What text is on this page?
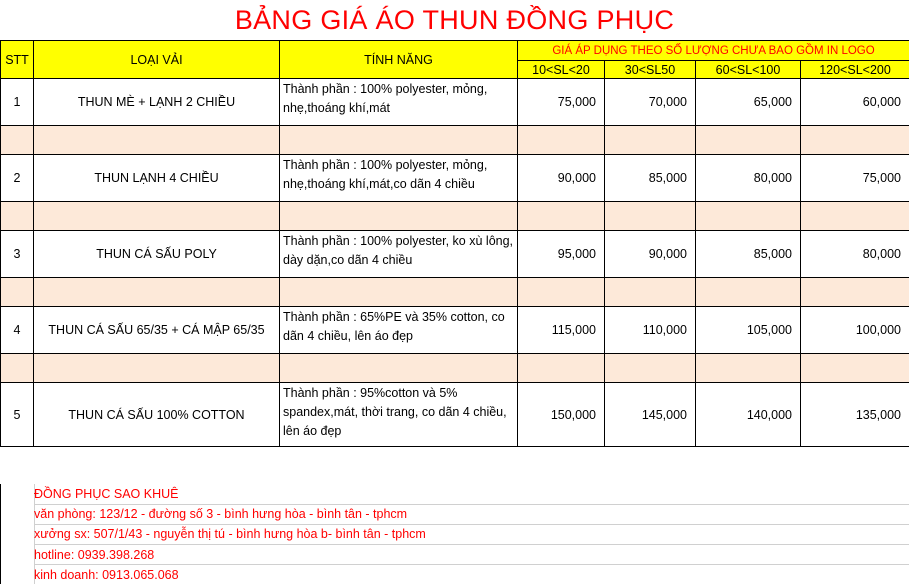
BẢNG GIÁ ÁO THUN ĐỒNG PHỤC
STT	LOẠI VẢI	TÍNH NĂNG	GIÁ ÁP DỤNG THEO SỐ LƯỢNG CHƯA BAO GỒM IN LOGO			
			10<SL<20	30<SL50	60<SL<100	120<SL<200
1	THUN MÈ + LẠNH 2 CHIỀU	Thành phần : 100% polyester, mỏng, nhẹ,thoáng khí,mát	75,000	70,000	65,000	60,000

2	THUN LẠNH 4 CHIỀU	Thành phần : 100% polyester, mỏng, nhẹ,thoáng khí,mát,co dãn 4 chiều	90,000	85,000	80,000	75,000

3	THUN CÁ SẤU POLY	Thành phần : 100% polyester, ko xù lông, dày dặn,co dãn 4 chiều	95,000	90,000	85,000	80,000

4	THUN CÁ SẤU 65/35 + CÁ MẬP 65/35	Thành phần : 65%PE và 35% cotton, co dãn 4 chiều, lên áo đẹp	115,000	110,000	105,000	100,000

5	THUN CÁ SẤU 100% COTTON	Thành phần : 95%cotton và 5% spandex,mát, thời trang, co dãn 4 chiều, lên áo đẹp	150,000	145,000	140,000	135,000
ĐỒNG PHỤC SAO KHUÊ
văn phòng: 123/12 - đường số 3 - bình hưng hòa - bình tân - tphcm
xưởng sx: 507/1/43 - nguyễn thị tú - bình hưng hòa b- bình tân - tphcm
hotline: 0939.398.268
kinh doanh: 0913.065.068
